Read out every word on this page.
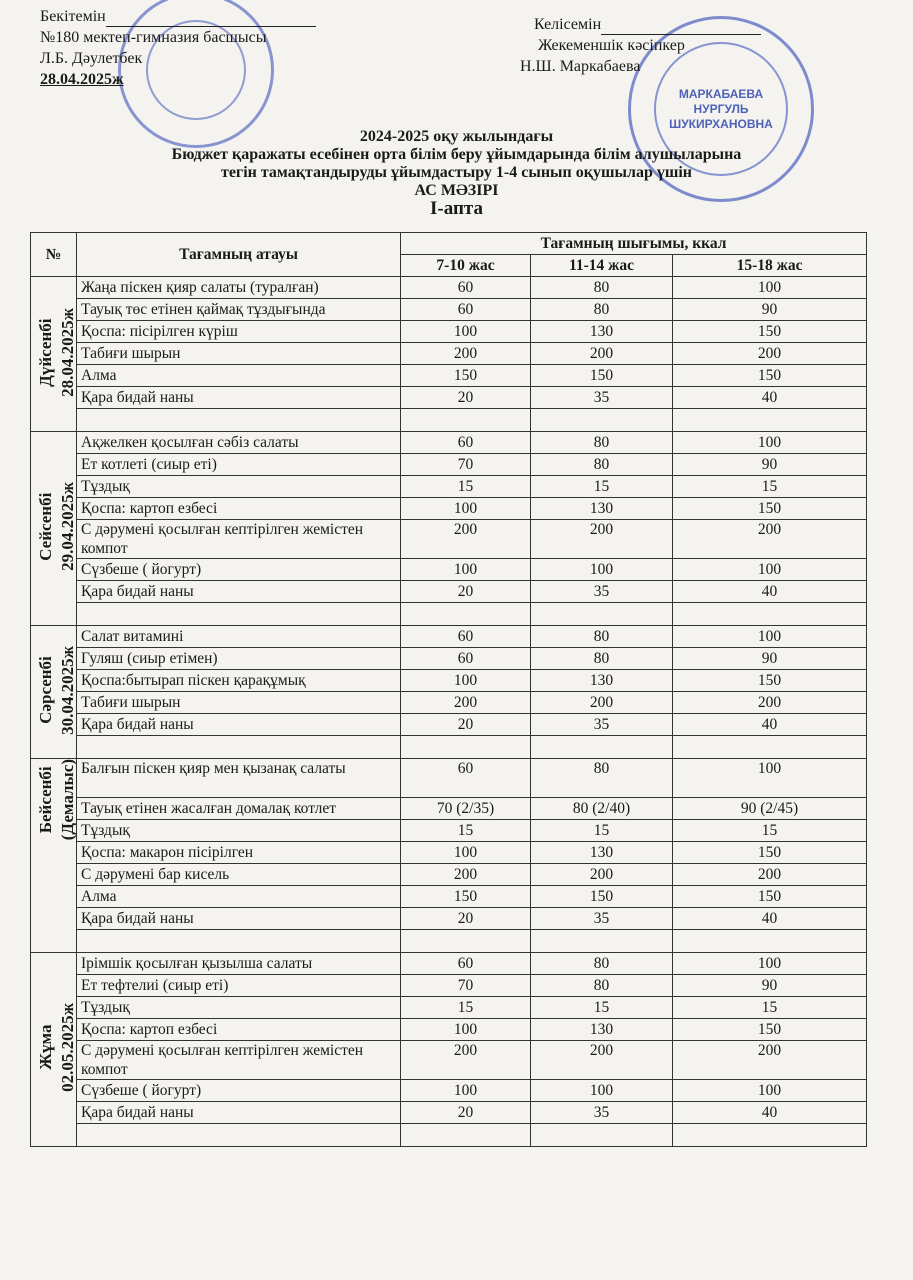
МАРКАБАЕВА
НУРГУЛЬ
ШУКИРХАНОВНА
Бекітемін
№180 мектеп-гимназия басшысы
Л.Б. Дәулетбек
28.04.2025ж
Келісемін
Жекеменшік кәсіпкер
Н.Ш. Маркабаева
2024-2025 оқу жылындағы
Бюджет қаражаты есебінен орта білім беру ұйымдарында білім алушыларына
тегін тамақтандыруды ұйымдастыру 1-4 сынып оқушылар үшін
АС МӘЗІРІ
I-апта
№	Тағамның атауы	Тағамның шығымы, ккал		
		7-10 жас	11-14 жас	15-18 жас

Дүйсенбі 28.04.2025ж	Жаңа піскен қияр салаты (туралған)	60	80	100
	Тауық төс етінен қаймақ тұздығында	60	80	90
	Қоспа: пісірілген күріш	100	130	150
	Табиғи шырын	200	200	200
	Алма	150	150	150
	Қара бидай наны	20	35	40

Сейсенбі 29.04.2025ж	Ақжелкен қосылған сәбіз салаты	60	80	100
	Ет котлеті (сиыр еті)	70	80	90
	Тұздық	15	15	15
	Қоспа: картоп езбесі	100	130	150
	С дәрумені қосылған кептірілген жемістен компот	200	200	200
	Сүзбеше ( йогурт)	100	100	100
	Қара бидай наны	20	35	40

Сәрсенбі 30.04.2025ж	Салат витамині	60	80	100
	Гуляш (сиыр етімен)	60	80	90
	Қоспа:бытырап піскен қарақұмық	100	130	150
	Табиғи шырын	200	200	200
	Қара бидай наны	20	35	40

Бейсенбі (Демалыс)	Балғын піскен қияр мен қызанақ салаты	60	80	100
	Тауық етінен жасалған домалақ котлет	70 (2/35)	80 (2/40)	90 (2/45)
	Тұздық	15	15	15
	Қоспа: макарон пісірілген	100	130	150
	С дәрумені бар кисель	200	200	200
	Алма	150	150	150
	Қара бидай наны	20	35	40

Жұма 02.05.2025ж	Ірімшік қосылған қызылша салаты	60	80	100
	Ет тефтелиі (сиыр еті)	70	80	90
	Тұздық	15	15	15
	Қоспа: картоп езбесі	100	130	150
	С дәрумені қосылған кептірілген жемістен компот	200	200	200
	Сүзбеше ( йогурт)	100	100	100
	Қара бидай наны	20	35	40
